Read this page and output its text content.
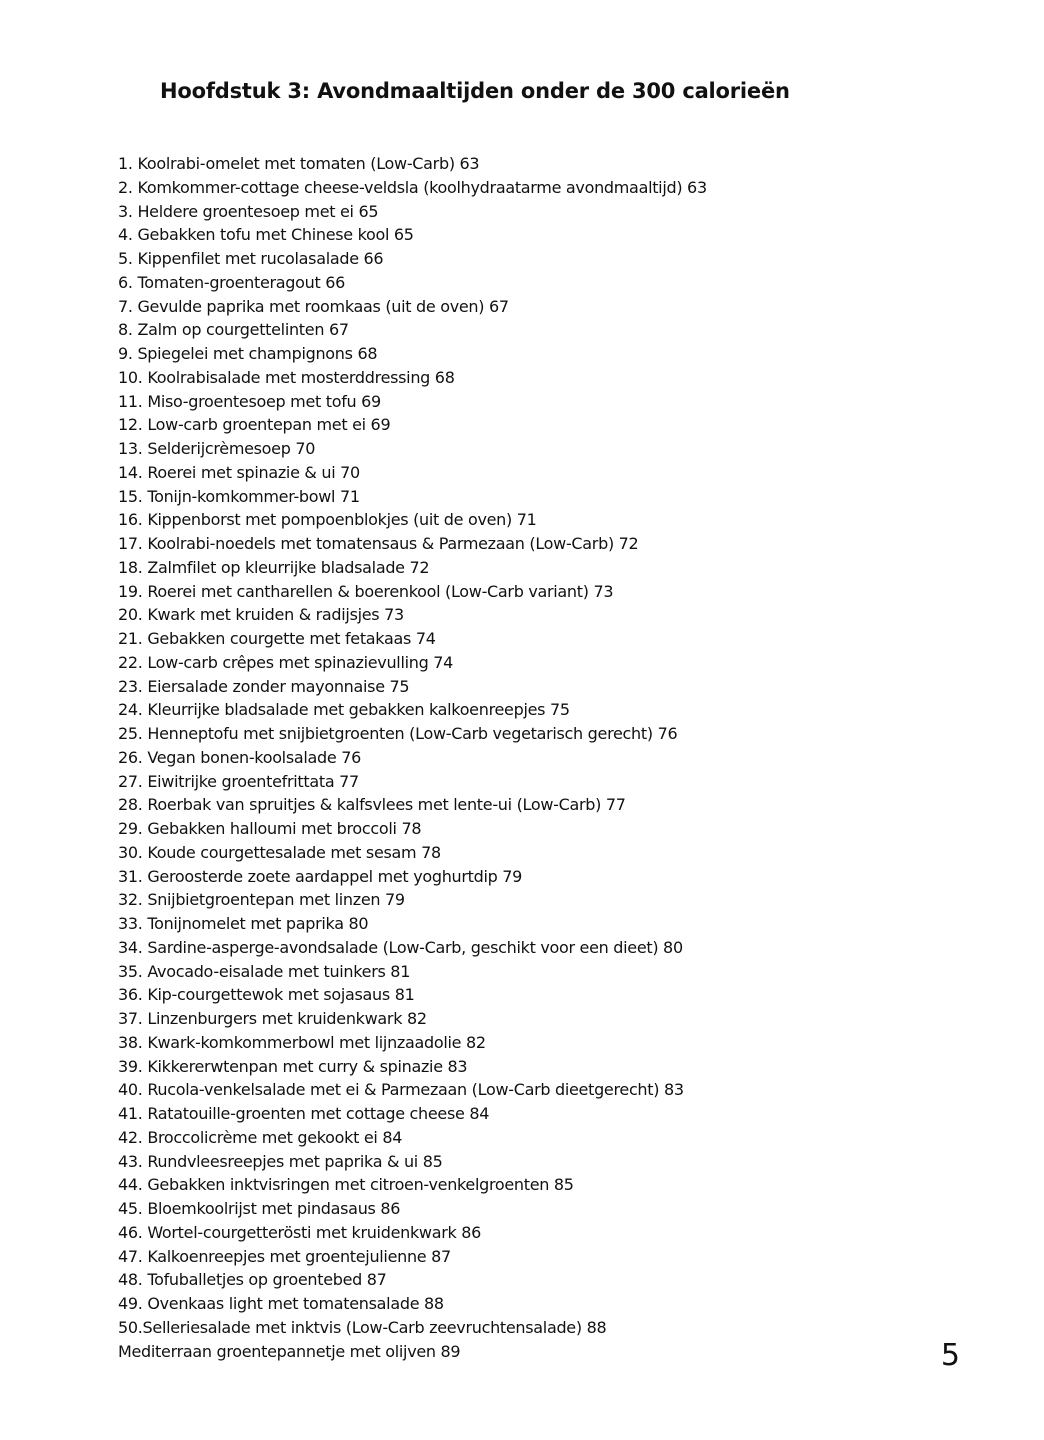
Hoofdstuk 3: Avondmaaltijden onder de 300 calorieën
1. Koolrabi-omelet met tomaten (Low-Carb) 63
2. Komkommer-cottage cheese-veldsla (koolhydraatarme avondmaaltijd) 63
3. Heldere groentesoep met ei 65
4. Gebakken tofu met Chinese kool 65
5. Kippenfilet met rucolasalade 66
6. Tomaten-groenteragout 66
7. Gevulde paprika met roomkaas (uit de oven) 67
8. Zalm op courgettelinten 67
9. Spiegelei met champignons 68
10. Koolrabisalade met mosterddressing 68
11. Miso-groentesoep met tofu 69
12. Low-carb groentepan met ei 69
13. Selderijcrèmesoep 70
14. Roerei met spinazie & ui 70
15. Tonijn-komkommer-bowl 71
16. Kippenborst met pompoenblokjes (uit de oven) 71
17. Koolrabi-noedels met tomatensaus & Parmezaan (Low-Carb) 72
18. Zalmfilet op kleurrijke bladsalade 72
19. Roerei met cantharellen & boerenkool (Low-Carb variant) 73
20. Kwark met kruiden & radijsjes 73
21. Gebakken courgette met fetakaas 74
22. Low-carb crêpes met spinazievulling 74
23. Eiersalade zonder mayonnaise 75
24. Kleurrijke bladsalade met gebakken kalkoenreepjes 75
25. Henneptofu met snijbietgroenten (Low-Carb vegetarisch gerecht) 76
26. Vegan bonen-koolsalade 76
27. Eiwitrijke groentefrittata 77
28. Roerbak van spruitjes & kalfsvlees met lente-ui (Low-Carb) 77
29. Gebakken halloumi met broccoli 78
30. Koude courgettesalade met sesam 78
31. Geroosterde zoete aardappel met yoghurtdip 79
32. Snijbietgroentepan met linzen 79
33. Tonijnomelet met paprika 80
34. Sardine-asperge-avondsalade (Low-Carb, geschikt voor een dieet) 80
35. Avocado-eisalade met tuinkers 81
36. Kip-courgettewok met sojasaus 81
37. Linzenburgers met kruidenkwark 82
38. Kwark-komkommerbowl met lijnzaadolie 82
39. Kikkererwtenpan met curry & spinazie 83
40. Rucola-venkelsalade met ei & Parmezaan (Low-Carb dieetgerecht) 83
41. Ratatouille-groenten met cottage cheese 84
42. Broccolicrème met gekookt ei 84
43. Rundvleesreepjes met paprika & ui 85
44. Gebakken inktvisringen met citroen-venkelgroenten 85
45. Bloemkoolrijst met pindasaus 86
46. Wortel-courgetterösti met kruidenkwark 86
47. Kalkoenreepjes met groentejulienne 87
48. Tofuballetjes op groentebed 87
49. Ovenkaas light met tomatensalade 88
50.Selleriesalade met inktvis (Low-Carb zeevruchtensalade) 88
Mediterraan groentepannetje met olijven 89	5
